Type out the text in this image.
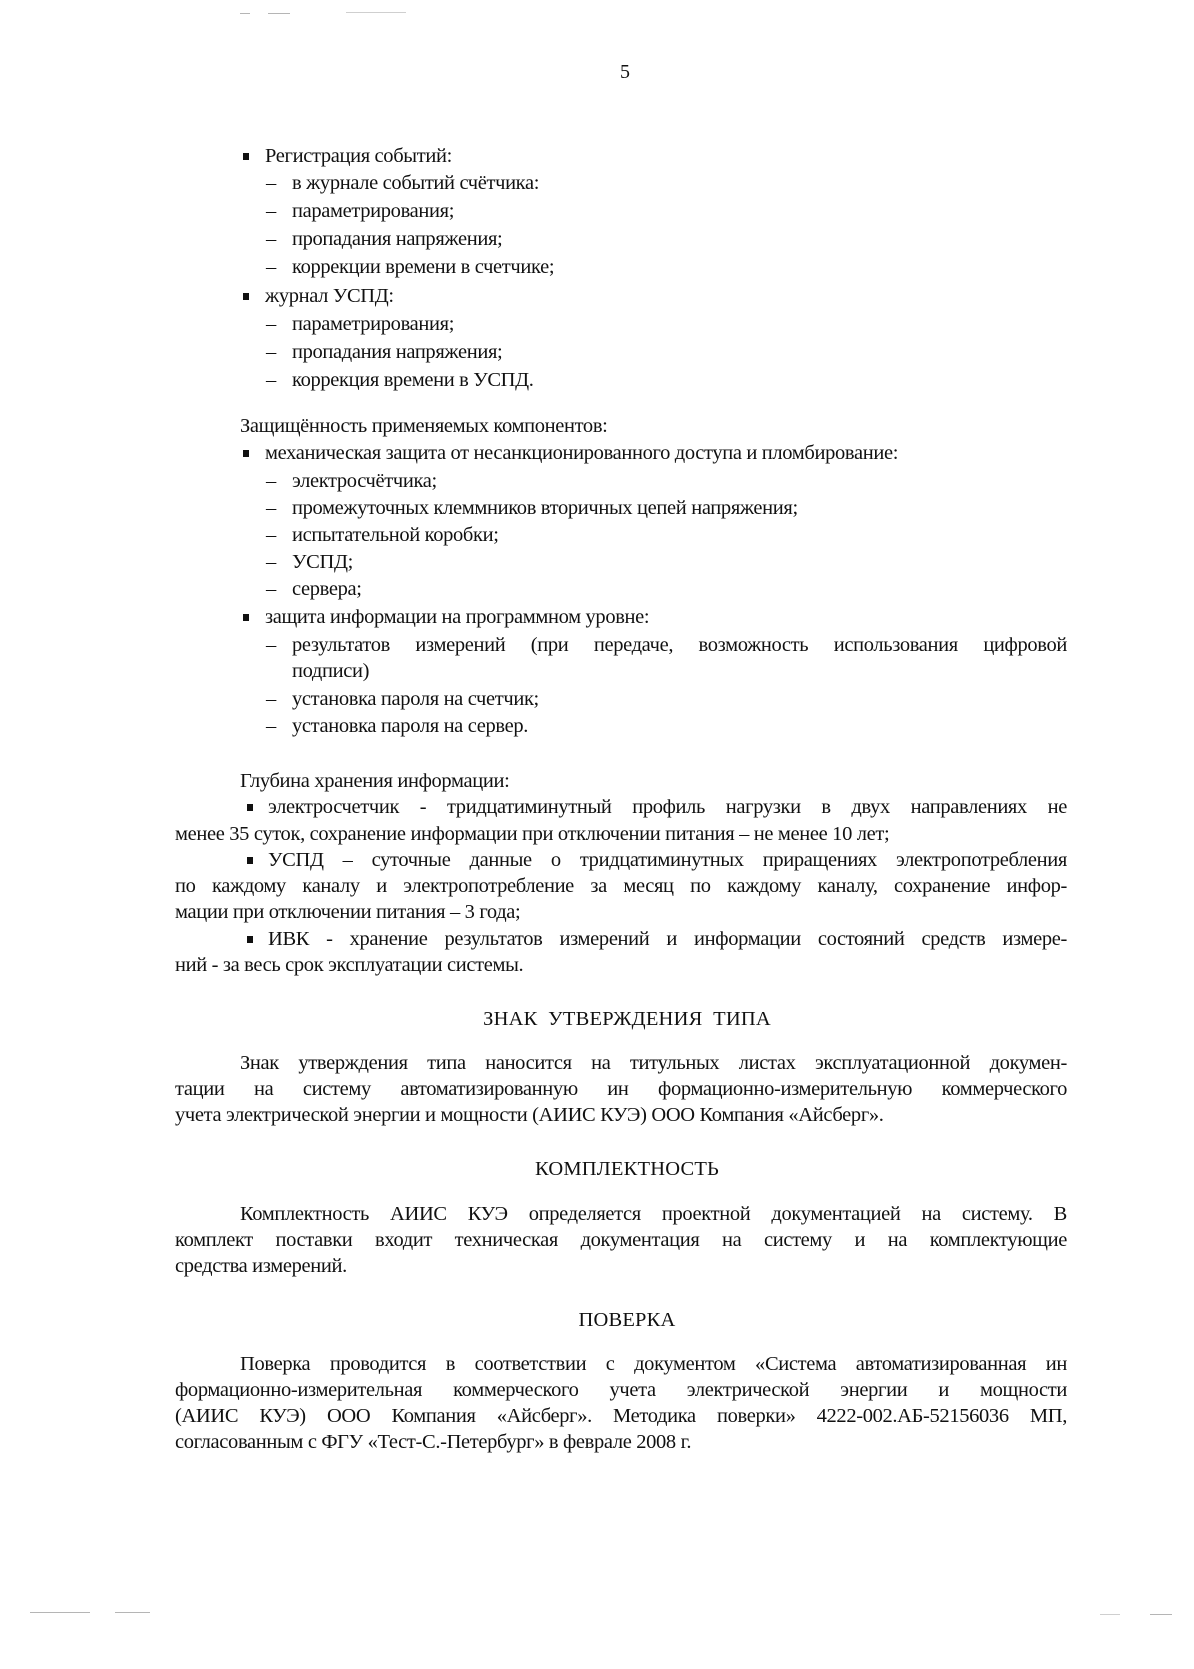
5
Регистрация событий:
– в журнале событий счётчика:
– параметрирования;
– пропадания напряжения;
– коррекции времени в счетчике;
журнал УСПД:
– параметрирования;
– пропадания напряжения;
– коррекция времени в УСПД.
Защищённость применяемых компонентов:
механическая защита от несанкционированного доступа и пломбирование:
– электросчётчика;
– промежуточных клеммников вторичных цепей напряжения;
– испытательной коробки;
– УСПД;
– сервера;
защита информации на программном уровне:
– результатов измерений (при передаче, возможность использования цифровой
подписи)
– установка пароля на счетчик;
– установка пароля на сервер.
Глубина хранения информации:
электросчетчик - тридцатиминутный профиль нагрузки в двух направлениях не
менее 35 суток, сохранение информации при отключении питания – не менее 10 лет;
УСПД – суточные данные о тридцатиминутных приращениях электропотребления
по каждому каналу и электропотребление за месяц по каждому каналу, сохранение инфор-
мации при отключении питания – 3 года;
ИВК - хранение результатов измерений и информации состояний средств измере-
ний - за весь срок эксплуатации системы.
ЗНАК  УТВЕРЖДЕНИЯ  ТИПА
Знак утверждения типа наносится на титульных листах эксплуатационной докумен-
тации на систему автоматизированную ин формационно-измерительную коммерческого
учета электрической энергии и мощности (АИИС КУЭ) ООО Компания «Айсберг».
КОМПЛЕКТНОСТЬ
Комплектность АИИС КУЭ определяется проектной документацией на систему. В
комплект поставки входит техническая документация на систему и на комплектующие
средства измерений.
ПОВЕРКА
Поверка проводится в соответствии с документом «Система автоматизированная ин
формационно-измерительная коммерческого учета электрической энергии и мощности
(АИИС КУЭ) ООО Компания «Айсберг». Методика поверки» 4222-002.АБ-52156036 МП,
согласованным с ФГУ «Тест-С.-Петербург» в феврале 2008 г.
